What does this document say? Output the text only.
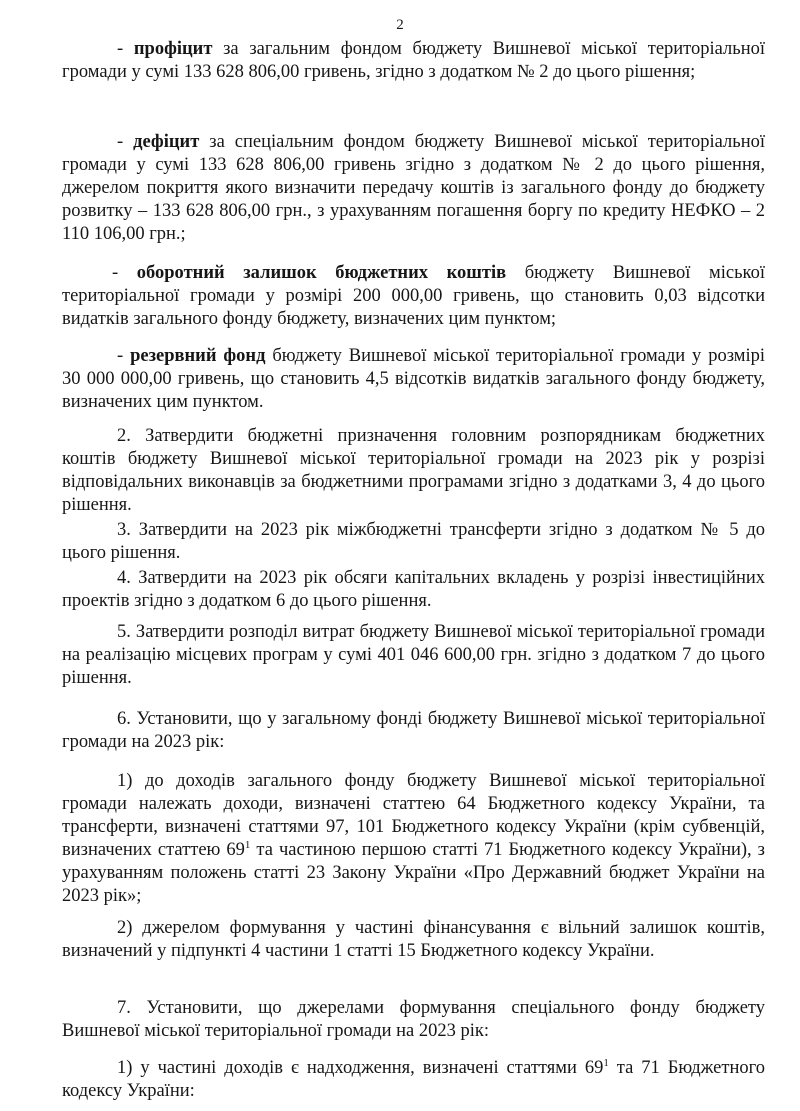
2

- профіцит за загальним фондом бюджету Вишневої міської територіальної громади у сумі 133 628 806,00 гривень, згідно з додатком № 2 до цього рішення;

- дефіцит за спеціальним фондом бюджету Вишневої міської територіальної громади у сумі 133 628 806,00 гривень згідно з додатком № 2 до цього рішення, джерелом покриття якого визначити передачу коштів із загального фонду до бюджету розвитку – 133 628 806,00 грн., з урахуванням погашення боргу по кредиту НЕФКО – 2 110 106,00 грн.;

- оборотний залишок бюджетних коштів бюджету Вишневої міської територіальної громади у розмірі 200 000,00 гривень, що становить 0,03 відсотки видатків загального фонду бюджету, визначених цим пунктом;

- резервний фонд бюджету Вишневої міської територіальної громади у розмірі 30 000 000,00 гривень, що становить 4,5 відсотків видатків загального фонду бюджету, визначених цим пунктом.

2. Затвердити бюджетні призначення головним розпорядникам бюджетних коштів бюджету Вишневої міської територіальної громади на 2023 рік у розрізі відповідальних виконавців за бюджетними програмами згідно з додатками 3, 4 до цього рішення.

3. Затвердити на 2023 рік міжбюджетні трансферти згідно з додатком № 5 до цього рішення.

4. Затвердити на 2023 рік обсяги капітальних вкладень у розрізі інвестиційних проектів згідно з додатком 6 до цього рішення.

5. Затвердити розподіл витрат бюджету Вишневої міської територіальної громади на реалізацію місцевих програм у сумі 401 046 600,00 грн. згідно з додатком 7 до цього рішення.

6. Установити, що у загальному фонді бюджету Вишневої міської територіальної громади на 2023 рік:

1) до доходів загального фонду бюджету Вишневої міської територіальної громади належать доходи, визначені статтею 64 Бюджетного кодексу України, та трансферти, визначені статтями 97, 101 Бюджетного кодексу України (крім субвенцій, визначених статтею $69^1$ та частиною першою статті 71 Бюджетного кодексу України), з урахуванням положень статті 23 Закону України «Про Державний бюджет України на 2023 рік»;

2) джерелом формування у частині фінансування є вільний залишок коштів, визначений у підпункті 4 частини 1 статті 15 Бюджетного кодексу України.

7. Установити, що джерелами формування спеціального фонду бюджету Вишневої міської територіальної громади на 2023 рік:

1) у частині доходів є надходження, визначені статтями $69^1$ та 71 Бюджетного кодексу України:
